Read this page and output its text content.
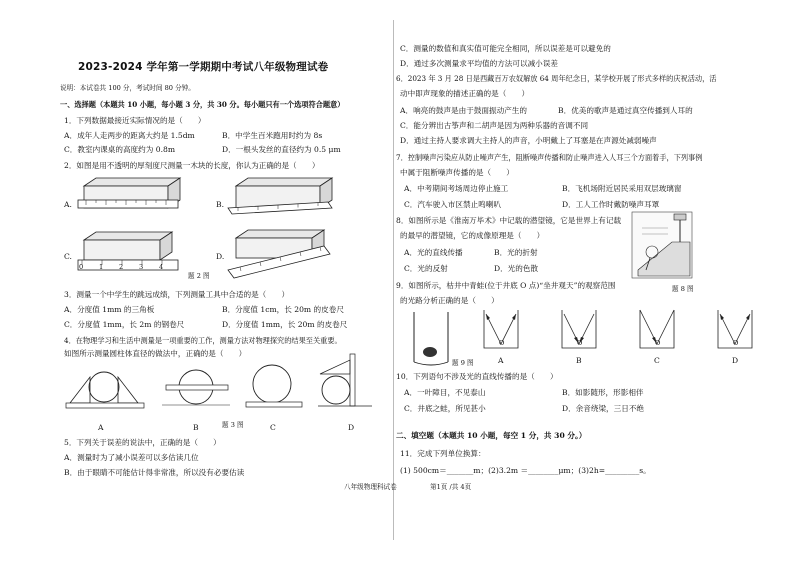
2023-2024 学年第一学期期中考试八年级物理试卷
说明：本试卷共 100 分，考试时间 80 分钟。
一、选择题（本题共 10 小题，每小题 3 分，共 30 分。每小题只有一个选项符合题意）
1．下列数据最接近实际情况的是（　　）
A．成年人走两步的距离大约是 1.5dm	B．中学生百米跑用时约为 8s
C．教室内课桌的高度约为 0.8m	D．一根头发丝的直径约为 0.5 μm
2．如图是用不透明的厚刻度尺测量一木块的长度，你认为正确的是（　　）
A.	B.
C.
0 1 2 3 4
题 2 图
D.
3．测量一个中学生的跳远成绩，下列测量工具中合适的是（　　）
A．分度值 1mm 的三角板	B．分度值 1cm，长 20m 的皮卷尺
C．分度值 1mm，长 2m 的钢卷尺	D．分度值 1mm，长 20m 的皮卷尺
4．在物理学习和生活中测量是一项重要的工作，测量方法对物理探究的结果至关重要。
如图所示测量圆柱体直径的做法中，正确的是（　　）
A	B	题 3 图	C	D
5．下列关于误差的说法中，正确的是（　　）
A．测量时为了减小误差可以多估读几位
B．由于眼睛不可能估计得非常准，所以没有必要估读
C．测量的数值和真实值可能完全相同，所以误差是可以避免的
D．通过多次测量求平均值的方法可以减小误差
6．2023 年 3 月 28 日是西藏百万农奴解放 64 周年纪念日，某学校开展了形式多样的庆祝活动，活
动中即声现象的描述正确的是（　　）
A．响亮的鼓声是由于鼓面振动产生的	B．优美的歌声是通过真空传播到人耳的
C．能分辨出古筝声和二胡声是因为两种乐器的音调不同
D．通过主持人要求调大主持人的声音，小明戴上了耳塞是在声源处减弱噪声
7．控制噪声污染应从防止噪声产生，阻断噪声传播和防止噪声进入人耳三个方面着手，下列事例
中属于阻断噪声传播的是（　　）
A．中考期间考场周边停止施工	B．飞机场附近居民采用双层玻璃窗
C．汽车驶入市区禁止鸣喇叭	D．工人工作时戴防噪声耳罩
8．如图所示是《淮南万毕术》中记载的潜望镜，它是世界上有记载
的最早的潜望镜，它的成像原理是（　　）
A．光的直线传播	B．光的折射
C．光的反射	D．光的色散
题 8 图
9．如图所示，枯井中青蛙(位于井底 O 点)“坐井观天”的观察范围
的光路分析正确的是（　　）
题 9 图
O	O	O	O
A	B	C	D
10．下列语句不涉及光的直线传播的是（　　）
A．一叶障目，不见泰山	B．如影随形，形影相伴
C．井底之蛙，所见甚小	D．余音绕梁，三日不绝
二、填空题（本题共 10 小题，每空 1 分，共 30 分。）
11．完成下列单位换算：
(1) 500cm＝_______m；(2)3.2m ＝________μm；(3)2h=_________s。
八年级物理科试卷	第1页 /共 4页
